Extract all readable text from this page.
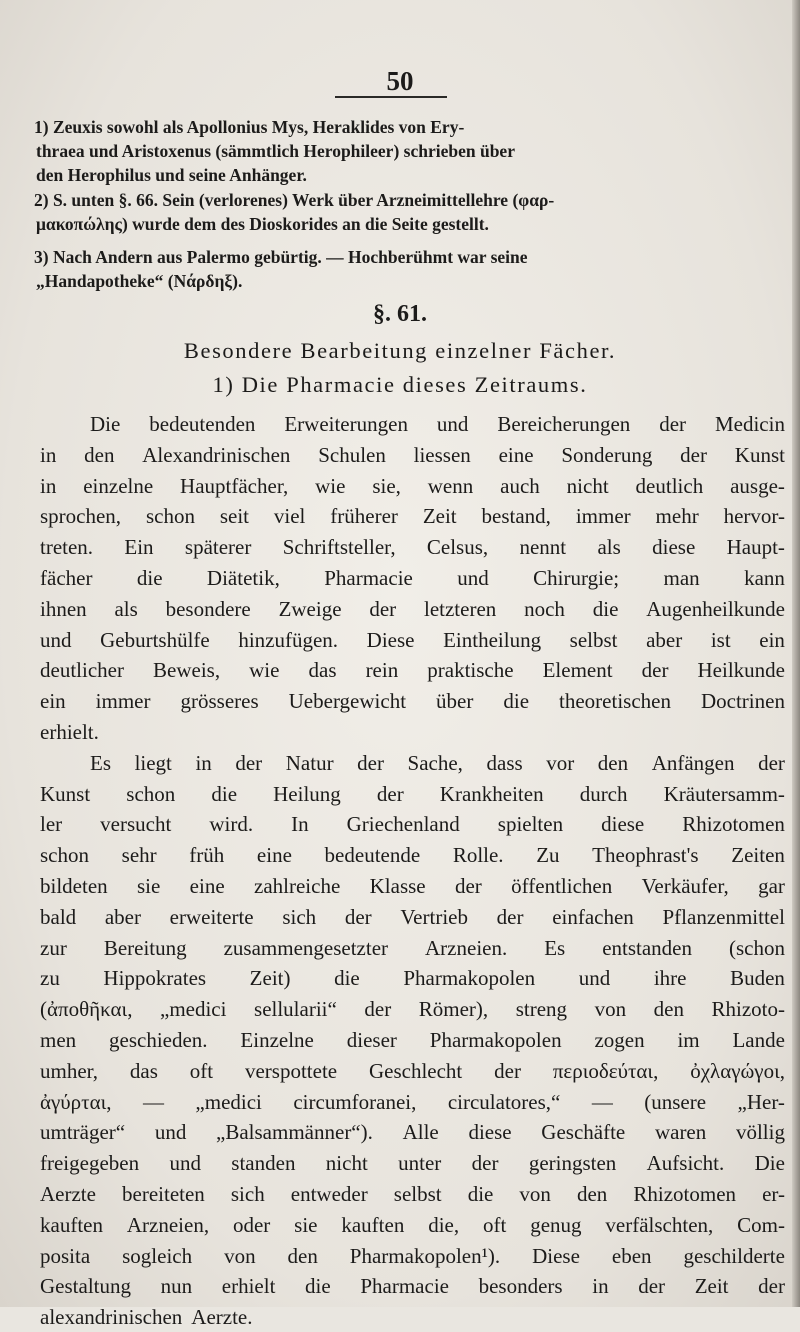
50
1) Zeuxis sowohl als Apollonius Mys, Heraklides von Ery-
thraea und Aristoxenus (sämmtlich Herophileer) schrieben über
den Herophilus und seine Anhänger.
2) S. unten §. 66. Sein (verlorenes) Werk über Arzneimittellehre (φαρ-
μακοπώλης) wurde dem des Dioskorides an die Seite gestellt.
3) Nach Andern aus Palermo gebürtig. — Hochberühmt war seine
„Handapotheke“ (Νάρδηξ).
§. 61.
Besondere Bearbeitung einzelner Fächer.
1) Die Pharmacie dieses Zeitraums.
Die bedeutenden Erweiterungen und Bereicherungen der Medicin
in den Alexandrinischen Schulen liessen eine Sonderung der Kunst
in einzelne Hauptfächer, wie sie, wenn auch nicht deutlich ausge-
sprochen, schon seit viel früherer Zeit bestand, immer mehr hervor-
treten. Ein späterer Schriftsteller, Celsus, nennt als diese Haupt-
fächer die Diätetik, Pharmacie und Chirurgie; man kann
ihnen als besondere Zweige der letzteren noch die Augenheilkunde
und Geburtshülfe hinzufügen. Diese Eintheilung selbst aber ist ein
deutlicher Beweis, wie das rein praktische Element der Heilkunde
ein immer grösseres Uebergewicht über die theoretischen Doctrinen
erhielt.
Es liegt in der Natur der Sache, dass vor den Anfängen der
Kunst schon die Heilung der Krankheiten durch Kräutersamm-
ler versucht wird. In Griechenland spielten diese Rhizotomen
schon sehr früh eine bedeutende Rolle. Zu Theophrast's Zeiten
bildeten sie eine zahlreiche Klasse der öffentlichen Verkäufer, gar
bald aber erweiterte sich der Vertrieb der einfachen Pflanzenmittel
zur Bereitung zusammengesetzter Arzneien. Es entstanden (schon
zu Hippokrates Zeit) die Pharmakopolen und ihre Buden
(ἀποθῆκαι, „medici sellularii“ der Römer), streng von den Rhizoto-
men geschieden. Einzelne dieser Pharmakopolen zogen im Lande
umher, das oft verspottete Geschlecht der περιοδεύται, ὀχλαγώγοι,
ἀγύρται, — „medici circumforanei, circulatores,“ — (unsere „Her-
umträger“ und „Balsammänner“). Alle diese Geschäfte waren völlig
freigegeben und standen nicht unter der geringsten Aufsicht. Die
Aerzte bereiteten sich entweder selbst die von den Rhizotomen er-
kauften Arzneien, oder sie kauften die, oft genug verfälschten, Com-
posita sogleich von den Pharmakopolen¹). Diese eben geschilderte
Gestaltung nun erhielt die Pharmacie besonders in der Zeit der
alexandrinischen Aerzte.
